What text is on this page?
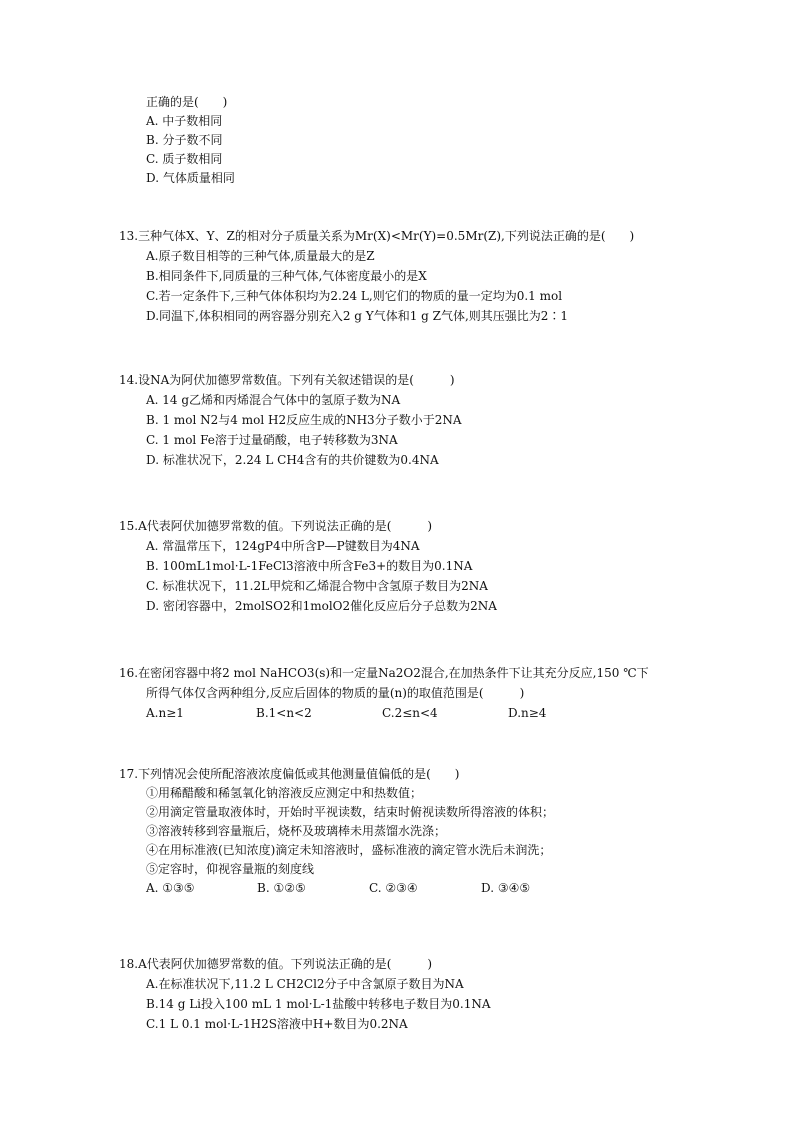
正确的是(　　)
A. 中子数相同
B. 分子数不同
C. 质子数相同
D. 气体质量相同
13.三种气体X、Y、Z的相对分子质量关系为Mr(X)<Mr(Y)=0.5Mr(Z),下列说法正确的是(　　)
A.原子数目相等的三种气体,质量最大的是Z
B.相同条件下,同质量的三种气体,气体密度最小的是X
C.若一定条件下,三种气体体积均为2.24 L,则它们的物质的量一定均为0.1 mol
D.同温下,体积相同的两容器分别充入2 g Y气体和1 g Z气体,则其压强比为2∶1
14.设NA为阿伏加德罗常数值。下列有关叙述错误的是(　　　)
A. 14 g乙烯和丙烯混合气体中的氢原子数为NA
B. 1 mol N2与4 mol H2反应生成的NH3分子数小于2NA
C. 1 mol Fe溶于过量硝酸，电子转移数为3NA
D. 标准状况下，2.24 L CH4含有的共价键数为0.4NA
15.A代表阿伏加德罗常数的值。下列说法正确的是(　　　)
A. 常温常压下，124gP4中所含P—P键数目为4NA
B. 100mL1mol·L-1FeCl3溶液中所含Fe3+的数目为0.1NA
C. 标准状况下，11.2L甲烷和乙烯混合物中含氢原子数目为2NA
D. 密闭容器中，2molSO2和1molO2催化反应后分子总数为2NA
16.在密闭容器中将2 mol NaHCO3(s)和一定量Na2O2混合,在加热条件下让其充分反应,150 ℃下
所得气体仅含两种组分,反应后固体的物质的量(n)的取值范围是(　　　)
A.n≥1	B.1<n<2	C.2≤n<4	D.n≥4
17.下列情况会使所配溶液浓度偏低或其他测量值偏低的是(　　)
①用稀醋酸和稀氢氧化钠溶液反应测定中和热数值；
②用滴定管量取液体时，开始时平视读数，结束时俯视读数所得溶液的体积；
③溶液转移到容量瓶后，烧杯及玻璃棒未用蒸馏水洗涤；
④在用标准液(已知浓度)滴定未知溶液时，盛标准液的滴定管水洗后未润洗；
⑤定容时，仰视容量瓶的刻度线
A. ①③⑤	B. ①②⑤	C. ②③④	D. ③④⑤
18.A代表阿伏加德罗常数的值。下列说法正确的是(　　　)
A.在标准状况下,11.2 L CH2Cl2分子中含氯原子数目为NA
B.14 g Li投入100 mL 1 mol·L-1盐酸中转移电子数目为0.1NA
C.1 L 0.1 mol·L-1H2S溶液中H+数目为0.2NA
